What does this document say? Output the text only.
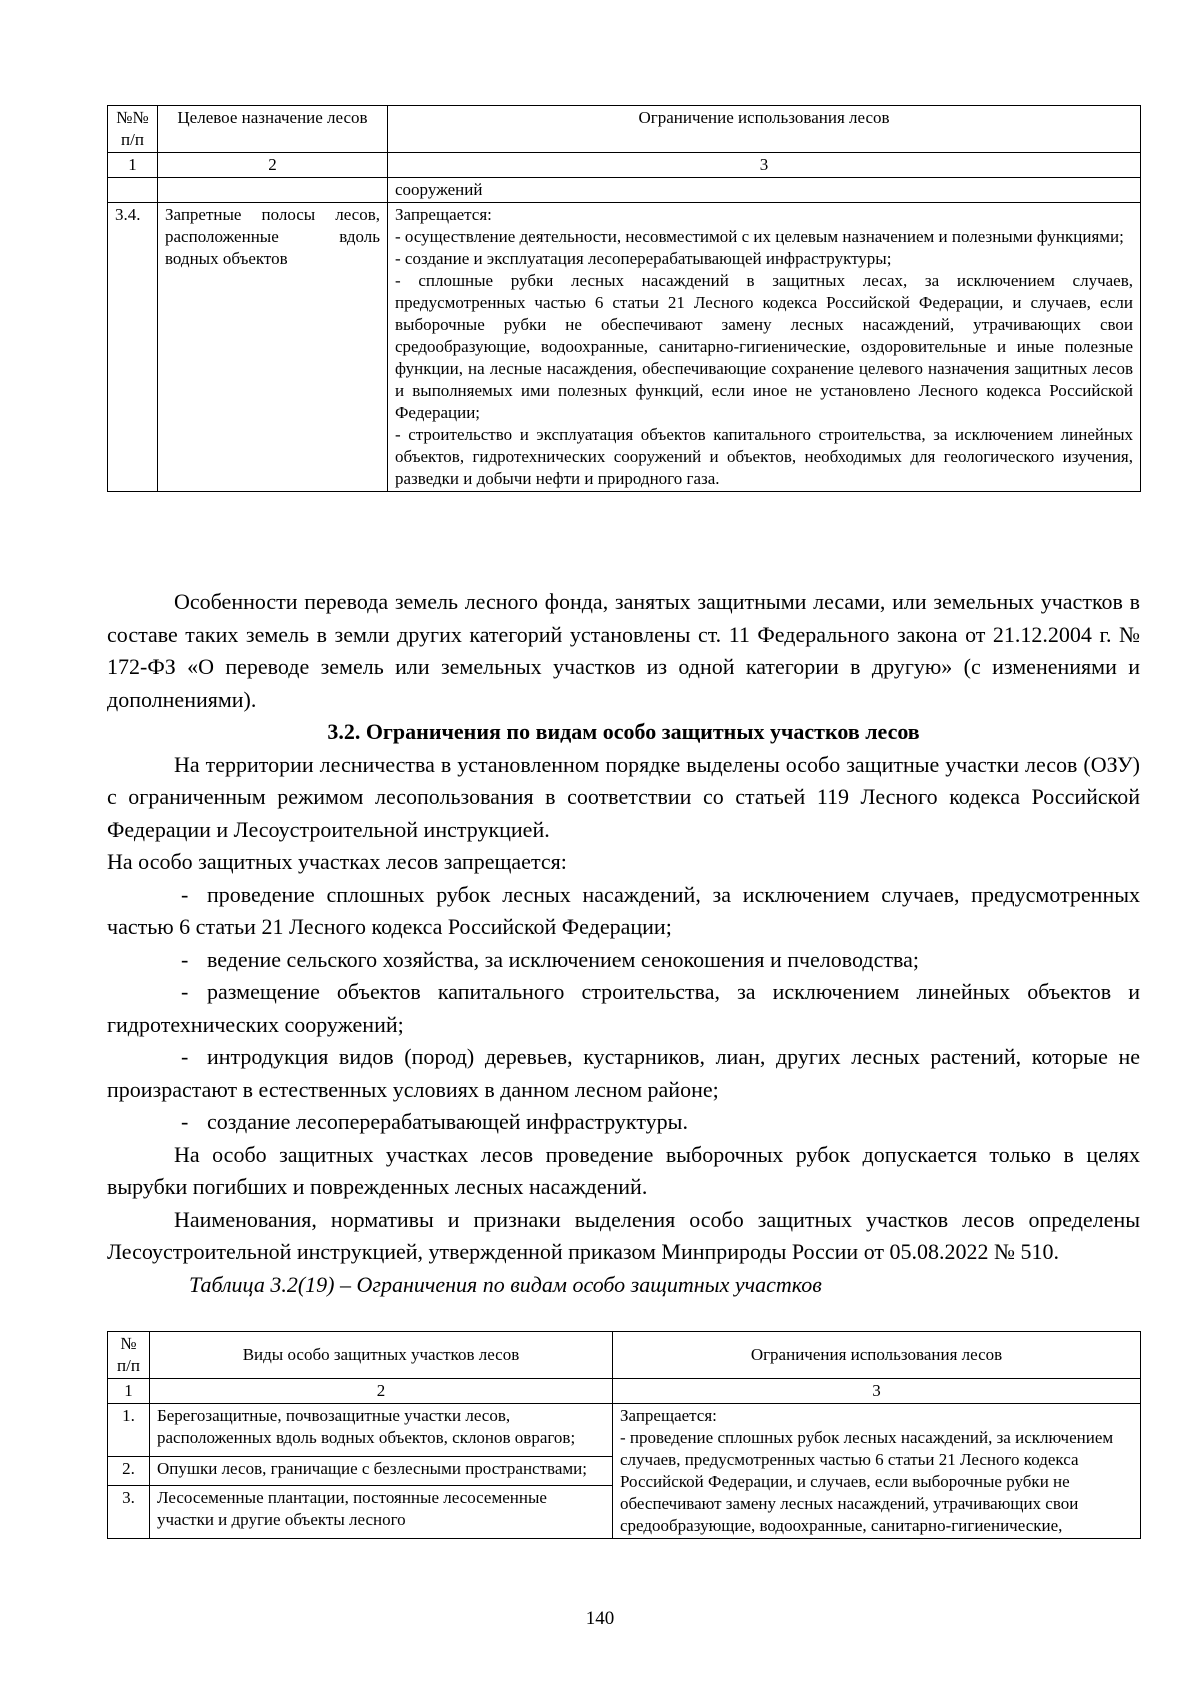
№№ п/п	Целевое назначение лесов	Ограничение использования лесов
1	2	3
		сооружений
3.4.	Запретные полосы лесов, расположенные вдоль водных объектов	Запрещается:
- осуществление деятельности, несовместимой с их целевым назначением и полезными функциями;
- создание и эксплуатация лесоперерабатывающей инфраструктуры;
- сплошные рубки лесных насаждений в защитных лесах, за исключением случаев, предусмотренных частью 6 статьи 21 Лесного кодекса Российской Федерации, и случаев, если выборочные рубки не обеспечивают замену лесных насаждений, утрачивающих свои средообразующие, водоохранные, санитарно-гигиенические, оздоровительные и иные полезные функции, на лесные насаждения, обеспечивающие сохранение целевого назначения защитных лесов и выполняемых ими полезных функций, если иное не установлено Лесного кодекса Российской Федерации;
- строительство и эксплуатация объектов капитального строительства, за исключением линейных объектов, гидротехнических сооружений и объектов, необходимых для геологического изучения, разведки и добычи нефти и природного газа.

Особенности перевода земель лесного фонда, занятых защитными лесами, или земельных участков в составе таких земель в земли других категорий установлены ст. 11 Федерального закона от 21.12.2004 г. № 172-ФЗ «О переводе земель или земельных участков из одной категории в другую» (с изменениями и дополнениями).

3.2. Ограничения по видам особо защитных участков лесов

На территории лесничества в установленном порядке выделены особо защитные участки лесов (ОЗУ) с ограниченным режимом лесопользования в соответствии со статьей 119 Лесного кодекса Российской Федерации и Лесоустроительной инструкцией.

На особо защитных участках лесов запрещается:

- проведение сплошных рубок лесных насаждений, за исключением случаев, предусмотренных частью 6 статьи 21 Лесного кодекса Российской Федерации;

- ведение сельского хозяйства, за исключением сенокошения и пчеловодства;

- размещение объектов капитального строительства, за исключением линейных объектов и гидротехнических сооружений;

- интродукция видов (пород) деревьев, кустарников, лиан, других лесных растений, которые не произрастают в естественных условиях в данном лесном районе;

- создание лесоперерабатывающей инфраструктуры.

На особо защитных участках лесов проведение выборочных рубок допускается только в целях вырубки погибших и поврежденных лесных насаждений.

Наименования, нормативы и признаки выделения особо защитных участков лесов определены Лесоустроительной инструкцией, утвержденной приказом Минприроды России от 05.08.2022 № 510.

Таблица 3.2(19) – Ограничения по видам особо защитных участков

№ п/п	Виды особо защитных участков лесов	Ограничения использования лесов
1	2	3
1.	Берегозащитные, почвозащитные участки лесов, расположенных вдоль водных объектов, склонов оврагов;	Запрещается:
- проведение сплошных рубок лесных насаждений, за исключением случаев, предусмотренных частью 6 статьи 21 Лесного кодекса Российской Федерации, и случаев, если выборочные рубки не обеспечивают замену лесных насаждений, утрачивающих свои средообразующие, водоохранные, санитарно-гигиенические,

2.	Опушки лесов, граничащие с безлесными пространствами;	
3.	Лесосеменные плантации, постоянные лесосеменные участки и другие объекты лесного	
140
